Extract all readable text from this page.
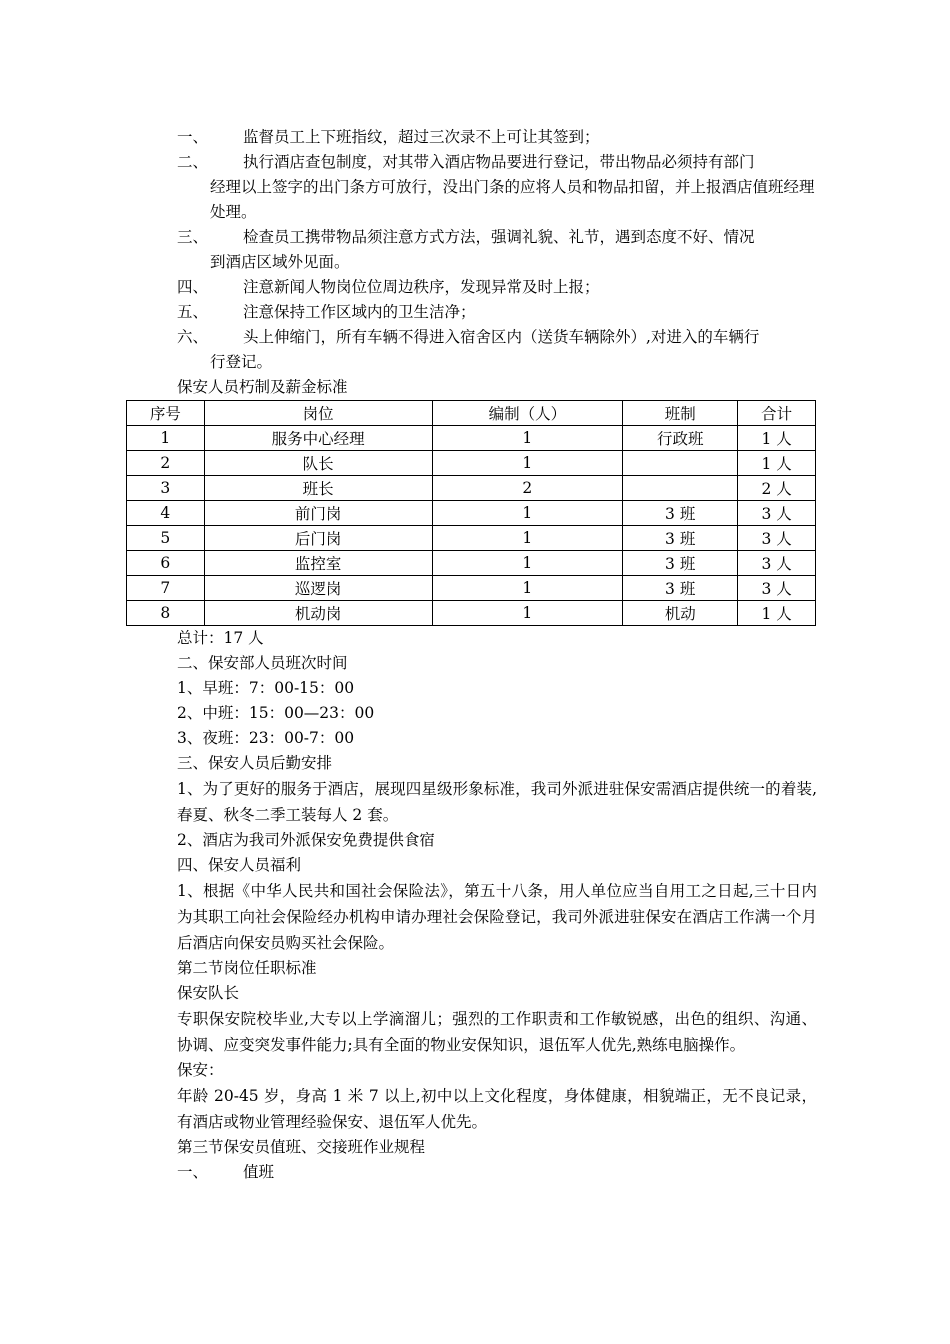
一、	监督员工上下班指纹，超过三次录不上可让其签到；
二、	执行酒店查包制度，对其带入酒店物品要进行登记，带出物品必须持有部门
经理以上签字的出门条方可放行，没出门条的应将人员和物品扣留，并上报酒店值班经理处理。
三、	检查员工携带物品须注意方式方法，强调礼貌、礼节，遇到态度不好、情况
到酒店区域外见面。
四、	注意新闻人物岗位位周边秩序，发现异常及时上报；
五、	注意保持工作区域内的卫生洁净；
六、	头上伸缩门，所有车辆不得进入宿舍区内（送货车辆除外）,对进入的车辆行
行登记。
保安人员朽制及薪金标准
序号	岗位	编制（人）	班制	合计
1	服务中心经理	1	行政班	1 人
2	队长	1		1 人
3	班长	2		2 人
4	前门岗	1	3 班	3 人
5	后门岗	1	3 班	3 人
6	监控室	1	3 班	3 人
7	巡逻岗	1	3 班	3 人
8	机动岗	1	机动	1 人
总计：17 人
二、保安部人员班次时间
1、早班：7：00-15：00
2、中班：15：00—23：00
3、夜班：23：00-7：00
三、保安人员后勤安排
1、为了更好的服务于酒店，展现四星级形象标准，我司外派进驻保安需酒店提供统一的着装,春夏、秋冬二季工装每人 2 套。
2、酒店为我司外派保安免费提供食宿
四、保安人员福利
1、根据《中华人民共和国社会保险法》，第五十八条，用人单位应当自用工之日起,三十日内为其职工向社会保险经办机构申请办理社会保险登记，我司外派进驻保安在酒店工作满一个月后酒店向保安员购买社会保险。
第二节岗位任职标准
保安队长
专职保安院校毕业,大专以上学滴溜儿；强烈的工作职责和工作敏锐感，出色的组织、沟通、协调、应变突发事件能力;具有全面的物业安保知识，退伍军人优先,熟练电脑操作。
保安：
年龄 20-45 岁，身高 1 米 7 以上,初中以上文化程度，身体健康，相貌端正，无不良记录，有酒店或物业管理经验保安、退伍军人优先。
第三节保安员值班、交接班作业规程
一、	值班
